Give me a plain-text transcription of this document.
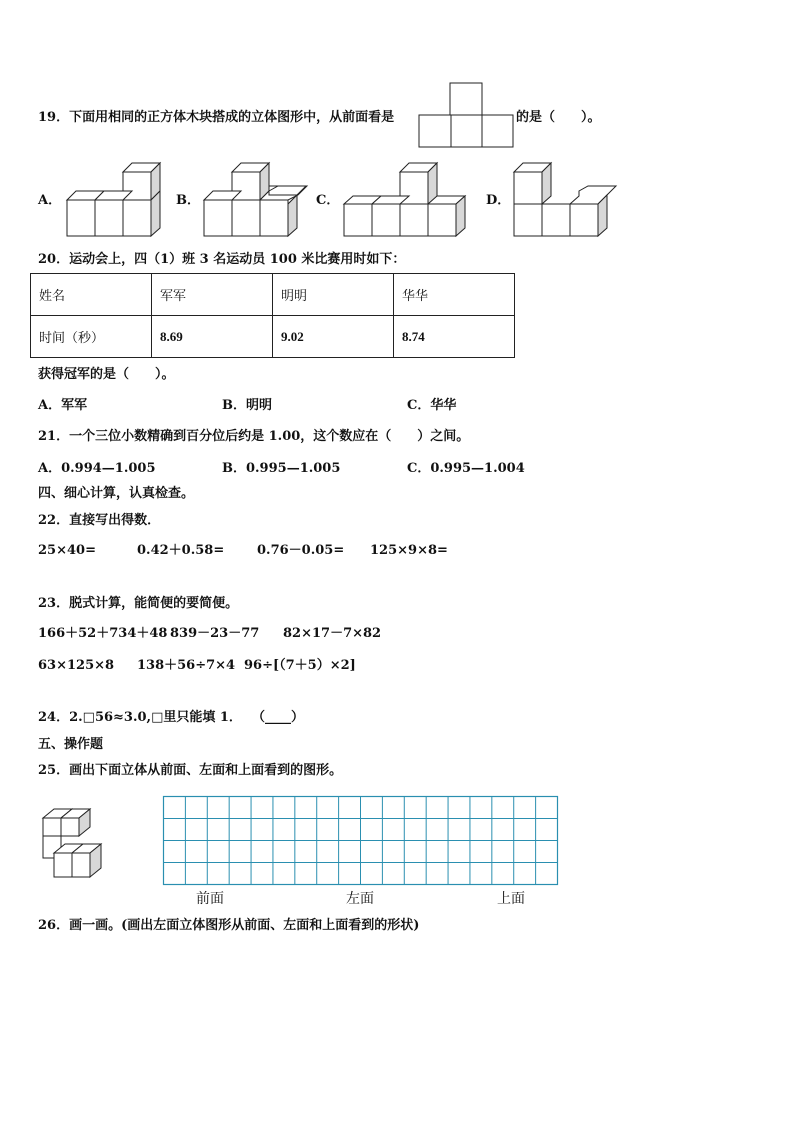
19．下面用相同的正方体木块搭成的立体图形中，从前面看是	的是（　　）。
A．	B．	C．	D．
20．运动会上，四（1）班 3 名运动员 100 米比赛用时如下：
姓名	军军	明明	华华
时间（秒）	8.69	9.02	8.74
获得冠军的是（　　）。
A．军军	B．明明	C．华华
21．一个三位小数精确到百分位后约是 1.00，这个数应在（　　）之间。
A．0.994—1.005	B．0.995—1.005	C．0.995—1.004
四、细心计算，认真检查。
22．直接写出得数．
25×40=	0.42＋0.58=	0.76－0.05= 125×9×8=
23．脱式计算，能简便的要简便。
166＋52＋734＋48 839－23－77 82×17－7×82
63×125×8 138＋56÷7×4 96÷[（7＋5）×2]
24．2.□56≈3.0,□里只能填 1． （____）
五、操作题
25．画出下面立体从前面、左面和上面看到的图形。
前面	左面	上面
26．画一画。(画出左面立体图形从前面、左面和上面看到的形状)
